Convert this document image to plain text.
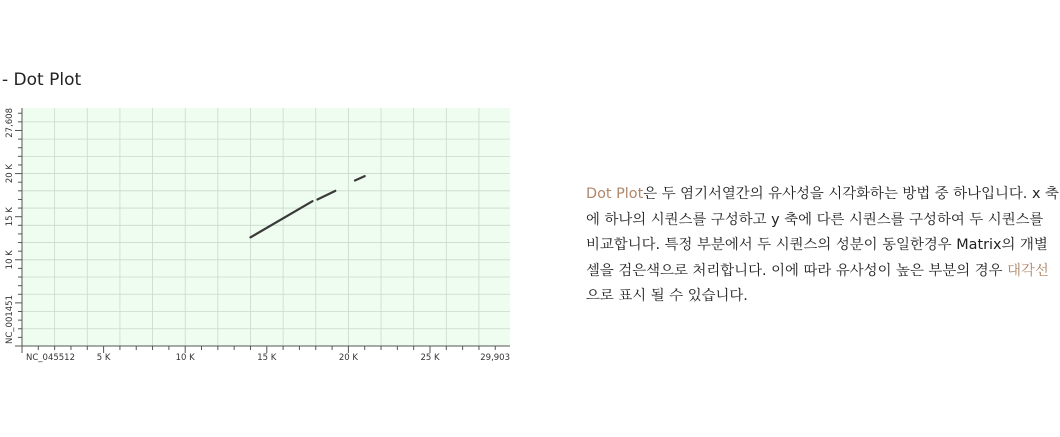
- Dot Plot
NC_045512	5 K	10 K	15 K	20 K	25 K	29,903
NC_001451
10 K
15 K
20 K
27,608
Dot Plot은 두 염기서열간의 유사성을 시각화하는 방법 중 하나입니다. x 축에 하나의 시퀀스를 구성하고 y 축에 다른 시퀀스를 구성하여 두 시퀀스를 비교합니다. 특정 부분에서 두 시퀀스의 성분이 동일한경우 Matrix의 개별 셀을 검은색으로 처리합니다. 이에 따라 유사성이 높은 부분의 경우 대각선으로 표시 될 수 있습니다.
